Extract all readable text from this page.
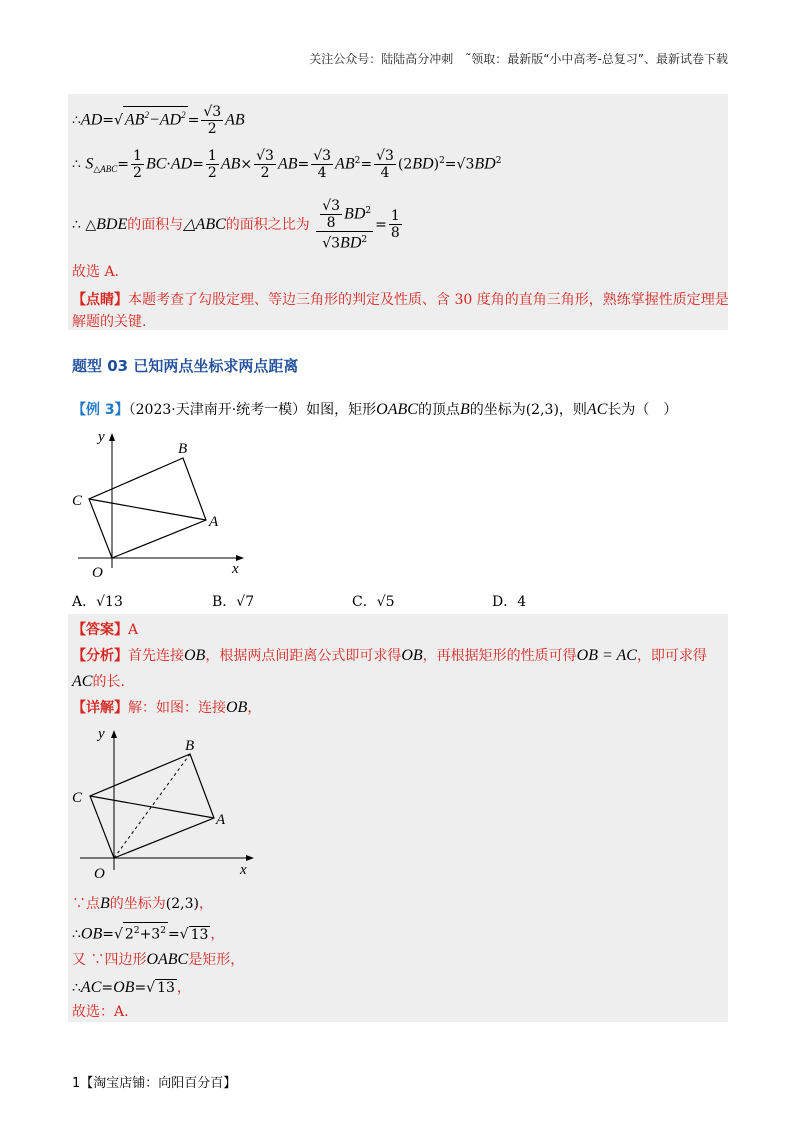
关注公众号：陆陆高分冲刺　˜领取：最新版“小中高考-总复习”、最新试卷下载
∴AD=√ $AB^2-AD^2 = \frac{√3}{2}$ AB
∴ $S_{\triangle ABC}= \frac{1}{2} BC\cdot AD= \frac{1}{2} AB\times \frac{√3}{2} AB= \frac{√3}{4} AB^2= \frac{√3}{4} (2BD)^2=√3BD^2$
∴ △BDE的面积与△ABC的面积之比为 $\frac{\frac{√3}{8} BD^2}{√3BD^2} = \frac{1}{8}$
故选 A.
【点睛】本题考查了勾股定理、等边三角形的判定及性质、含 30 度角的直角三角形，熟练掌握性质定理是
解题的关键.
题型 03 已知两点坐标求两点距离
【例 3】（2023·天津南开·统考一模）如图，矩形OABC的顶点B的坐标为(2,3)，则AC长为（　）
y
x
O
A
B
C
A．√13	B．√7	C．√5	D．4
【答案】A
【分析】首先连接OB，根据两点间距离公式即可求得OB，再根据矩形的性质可得OB = AC，即可求得
AC的长.
【详解】解：如图：连接OB，
y
x
O
A
B
C
∵点B的坐标为(2,3)，
∴OB=√ $2^2+3^2$ =√ 13 ，
又 ∵四边形OABC是矩形，
∴AC=OB=√ 13 ，
故选：A.
1【淘宝店铺：向阳百分百】
